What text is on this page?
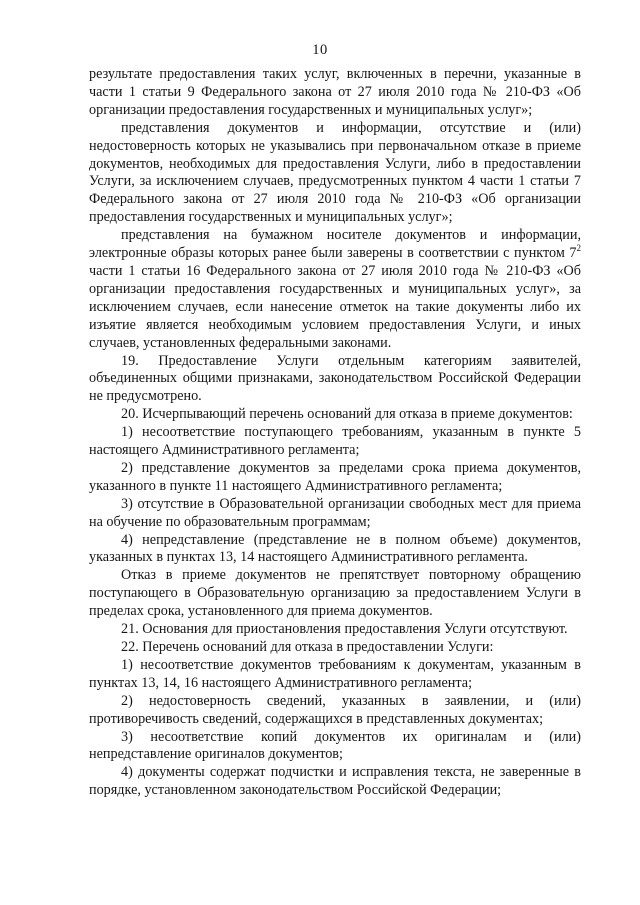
10

результате предоставления таких услуг, включенных в перечни, указанные в части 1 статьи 9 Федерального закона от 27 июля 2010 года № 210-ФЗ «Об организации предоставления государственных и муниципальных услуг»;

представления документов и информации, отсутствие и (или) недостоверность которых не указывались при первоначальном отказе в приеме документов, необходимых для предоставления Услуги, либо в предоставлении Услуги, за исключением случаев, предусмотренных пунктом 4 части 1 статьи 7 Федерального закона от 27 июля 2010 года № 210-ФЗ «Об организации предоставления государственных и муниципальных услуг»;

представления на бумажном носителе документов и информации, электронные образы которых ранее были заверены в соответствии с пунктом $7^2$ части 1 статьи 16 Федерального закона от 27 июля 2010 года № 210-ФЗ «Об организации предоставления государственных и муниципальных услуг», за исключением случаев, если нанесение отметок на такие документы либо их изъятие является необходимым условием предоставления Услуги, и иных случаев, установленных федеральными законами.

19. Предоставление Услуги отдельным категориям заявителей, объединенных общими признаками, законодательством Российской Федерации не предусмотрено.

20. Исчерпывающий перечень оснований для отказа в приеме документов:

1) несоответствие поступающего требованиям, указанным в пункте 5 настоящего Административного регламента;

2) представление документов за пределами срока приема документов, указанного в пункте 11 настоящего Административного регламента;

3) отсутствие в Образовательной организации свободных мест для приема на обучение по образовательным программам;

4) непредставление (представление не в полном объеме) документов, указанных в пунктах 13, 14 настоящего Административного регламента.

Отказ в приеме документов не препятствует повторному обращению поступающего в Образовательную организацию за предоставлением Услуги в пределах срока, установленного для приема документов.

21. Основания для приостановления предоставления Услуги отсутствуют.

22. Перечень оснований для отказа в предоставлении Услуги:

1) несоответствие документов требованиям к документам, указанным в пунктах 13, 14, 16 настоящего Административного регламента;

2) недостоверность сведений, указанных в заявлении, и (или) противоречивость сведений, содержащихся в представленных документах;

3) несоответствие копий документов их оригиналам и (или) непредставление оригиналов документов;

4) документы содержат подчистки и исправления текста, не заверенные в порядке, установленном законодательством Российской Федерации;
